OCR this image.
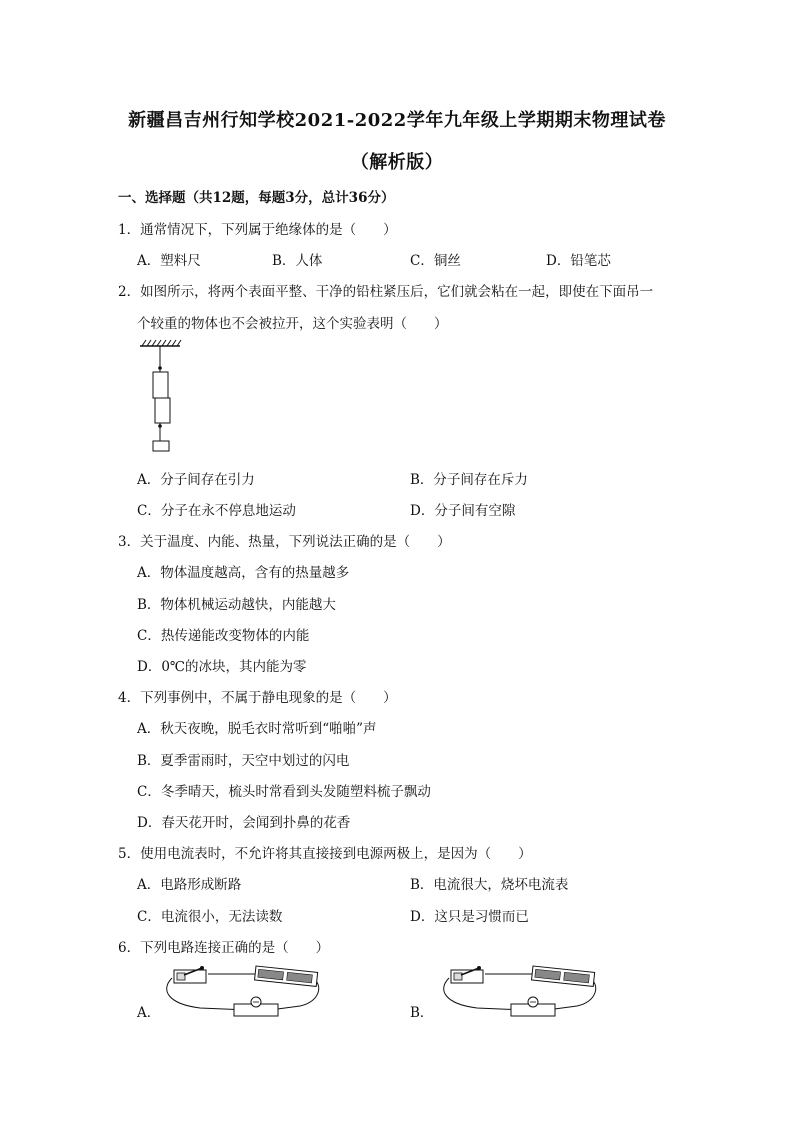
新疆昌吉州行知学校2021-2022学年九年级上学期期末物理试卷
（解析版）
一、选择题（共12题，每题3分，总计36分）
1．通常情况下，下列属于绝缘体的是（　　）
A．塑料尺	B．人体	C．铜丝	D．铅笔芯
2．如图所示，将两个表面平整、干净的铅柱紧压后，它们就会粘在一起，即使在下面吊一
个较重的物体也不会被拉开，这个实验表明（　　）
A．分子间存在引力	B．分子间存在斥力
C．分子在永不停息地运动	D．分子间有空隙
3．关于温度、内能、热量，下列说法正确的是（　　）
A．物体温度越高，含有的热量越多
B．物体机械运动越快，内能越大
C．热传递能改变物体的内能
D．0℃的冰块，其内能为零
4．下列事例中，不属于静电现象的是（　　）
A．秋天夜晚，脱毛衣时常听到“啪啪”声
B．夏季雷雨时，天空中划过的闪电
C．冬季晴天，梳头时常看到头发随塑料梳子飘动
D．春天花开时，会闻到扑鼻的花香
5．使用电流表时，不允许将其直接接到电源两极上，是因为（　　）
A．电路形成断路	B．电流很大，烧坏电流表
C．电流很小，无法读数	D．这只是习惯而已
6．下列电路连接正确的是（　　）
A．	B．
